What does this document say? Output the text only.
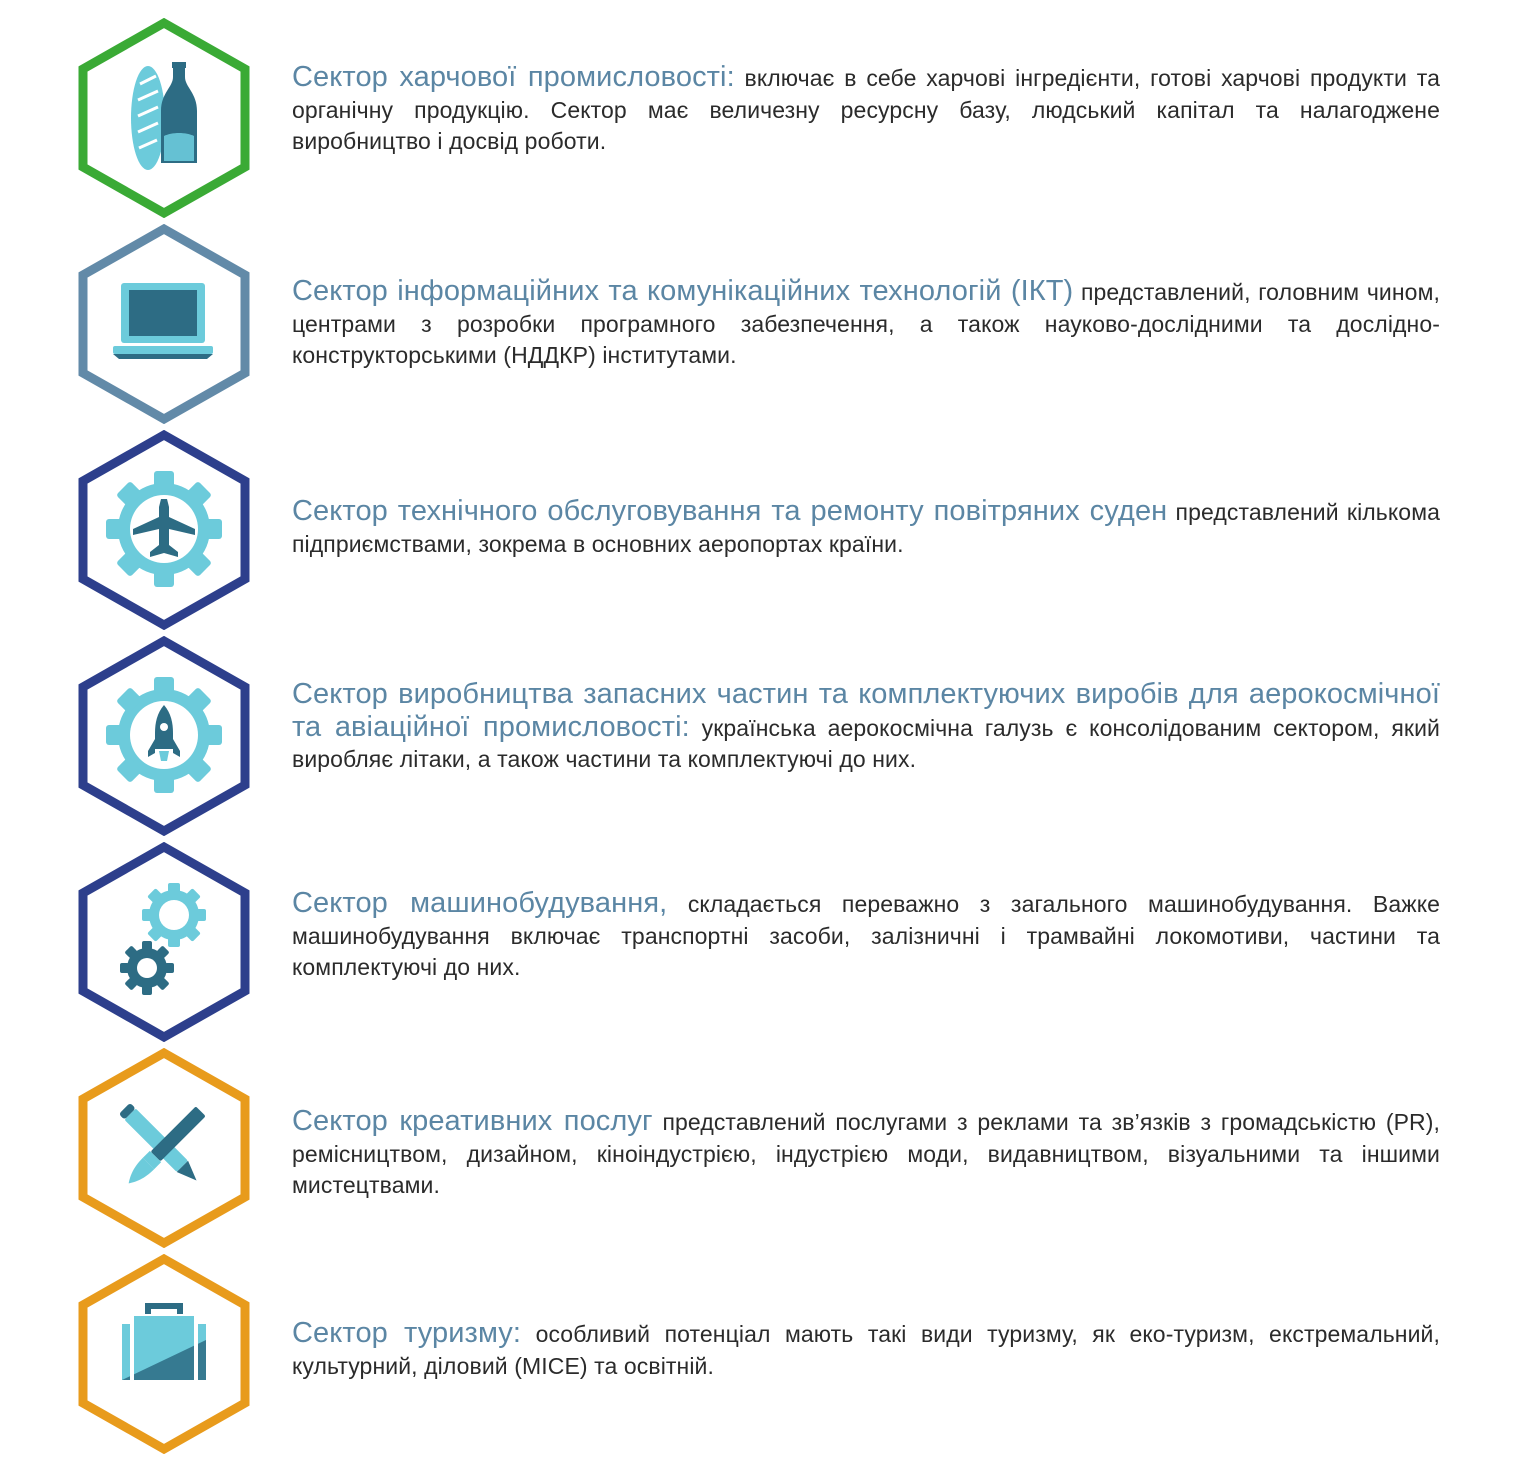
Сектор харчової промисловості: включає в себе харчові інгредієнти, готові харчові продукти та органічну продукцію. Сектор має величезну ресурсну базу, людський капітал та налагоджене виробництво і досвід роботи.
Сектор інформаційних та комунікаційних технологій (ІКТ) представлений, головним чином, центрами з розробки програмного забезпечення, а також науково-дослідними та дослідно-конструкторськими (НДДКР) інститутами.
Сектор технічного обслуговування та ремонту повітряних суден представлений кількома підприємствами, зокрема в основних аеропортах країни.
Сектор виробництва запасних частин та комплектуючих виробів для аерокосмічної та авіаційної промисловості: українська аерокосмічна галузь є консолідованим сектором, який виробляє літаки, а також частини та комплектуючі до них.
Сектор машинобудування, складається переважно з загального машинобудування. Важке машинобудування включає транспортні засоби, залізничні і трамвайні локомотиви, частини та комплектуючі до них.
Сектор креативних послуг представлений послугами з реклами та зв’язків з громадськістю (PR), ремісництвом, дизайном, кіноіндустрією, індустрією моди, видавництвом, візуальними та іншими мистецтвами.
Сектор туризму: особливий потенціал мають такі види туризму, як еко-туризм, екстремальний, культурний, діловий (MICE) та освітній.
